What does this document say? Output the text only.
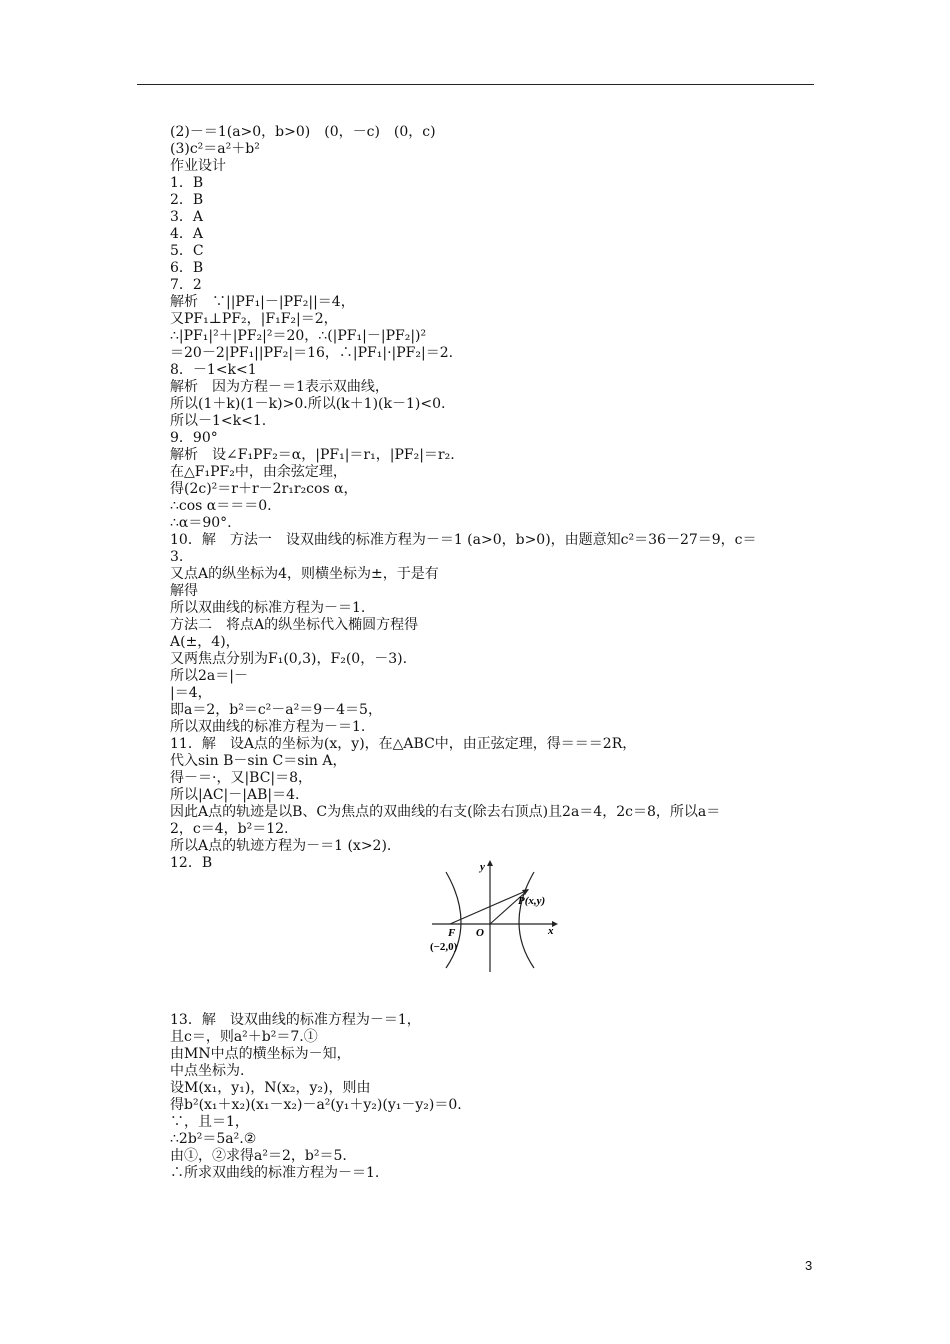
(2)－＝1(a>0，b>0)　(0，－c)　(0，c)
(3)c²＝a²＋b²
作业设计
1．B
2．B
3．A
4．A
5．C
6．B
7．2
解析　∵||PF₁|－|PF₂||＝4，
又PF₁⊥PF₂，|F₁F₂|＝2，
∴|PF₁|²＋|PF₂|²＝20，∴(|PF₁|－|PF₂|)²
＝20－2|PF₁||PF₂|＝16，∴|PF₁|·|PF₂|＝2.
8．－1<k<1
解析　因为方程－＝1表示双曲线，
所以(1＋k)(1－k)>0.所以(k＋1)(k－1)<0.
所以－1<k<1.
9．90°
解析　设∠F₁PF₂＝α，|PF₁|＝r₁，|PF₂|＝r₂.
在△F₁PF₂中，由余弦定理，
得(2c)²＝r＋r－2r₁r₂cos α，
∴cos α＝＝＝0.
∴α＝90°.
10．解　方法一　设双曲线的标准方程为－＝1 (a>0，b>0)，由题意知c²＝36－27＝9，c＝
3.
又点A的纵坐标为4，则横坐标为±，于是有
解得
所以双曲线的标准方程为－＝1.
方法二　将点A的纵坐标代入椭圆方程得
A(±，4)，
又两焦点分别为F₁(0,3)，F₂(0，－3).
所以2a＝|－
|＝4，
即a＝2，b²＝c²－a²＝9－4＝5，
所以双曲线的标准方程为－＝1.
11．解　设A点的坐标为(x，y)，在△ABC中，由正弦定理，得＝＝＝2R，
代入sin B－sin C＝sin A，
得－＝·，又|BC|＝8，
所以|AC|－|AB|＝4.
因此A点的轨迹是以B、C为焦点的双曲线的右支(除去右顶点)且2a＝4，2c＝8，所以a＝
2，c＝4，b²＝12.
所以A点的轨迹方程为－＝1 (x>2).
12．B
13．解　设双曲线的标准方程为－＝1，
且c＝，则a²＋b²＝7.①
由MN中点的横坐标为－知，
中点坐标为.
设M(x₁，y₁)，N(x₂，y₂)，则由
得b²(x₁＋x₂)(x₁－x₂)－a²(y₁＋y₂)(y₁－y₂)＝0.
∵，且＝1，
∴2b²＝5a².②
由①，②求得a²＝2，b²＝5.
∴所求双曲线的标准方程为－＝1.
y
x
O
P(x,y)
F
(−2,0)
3
